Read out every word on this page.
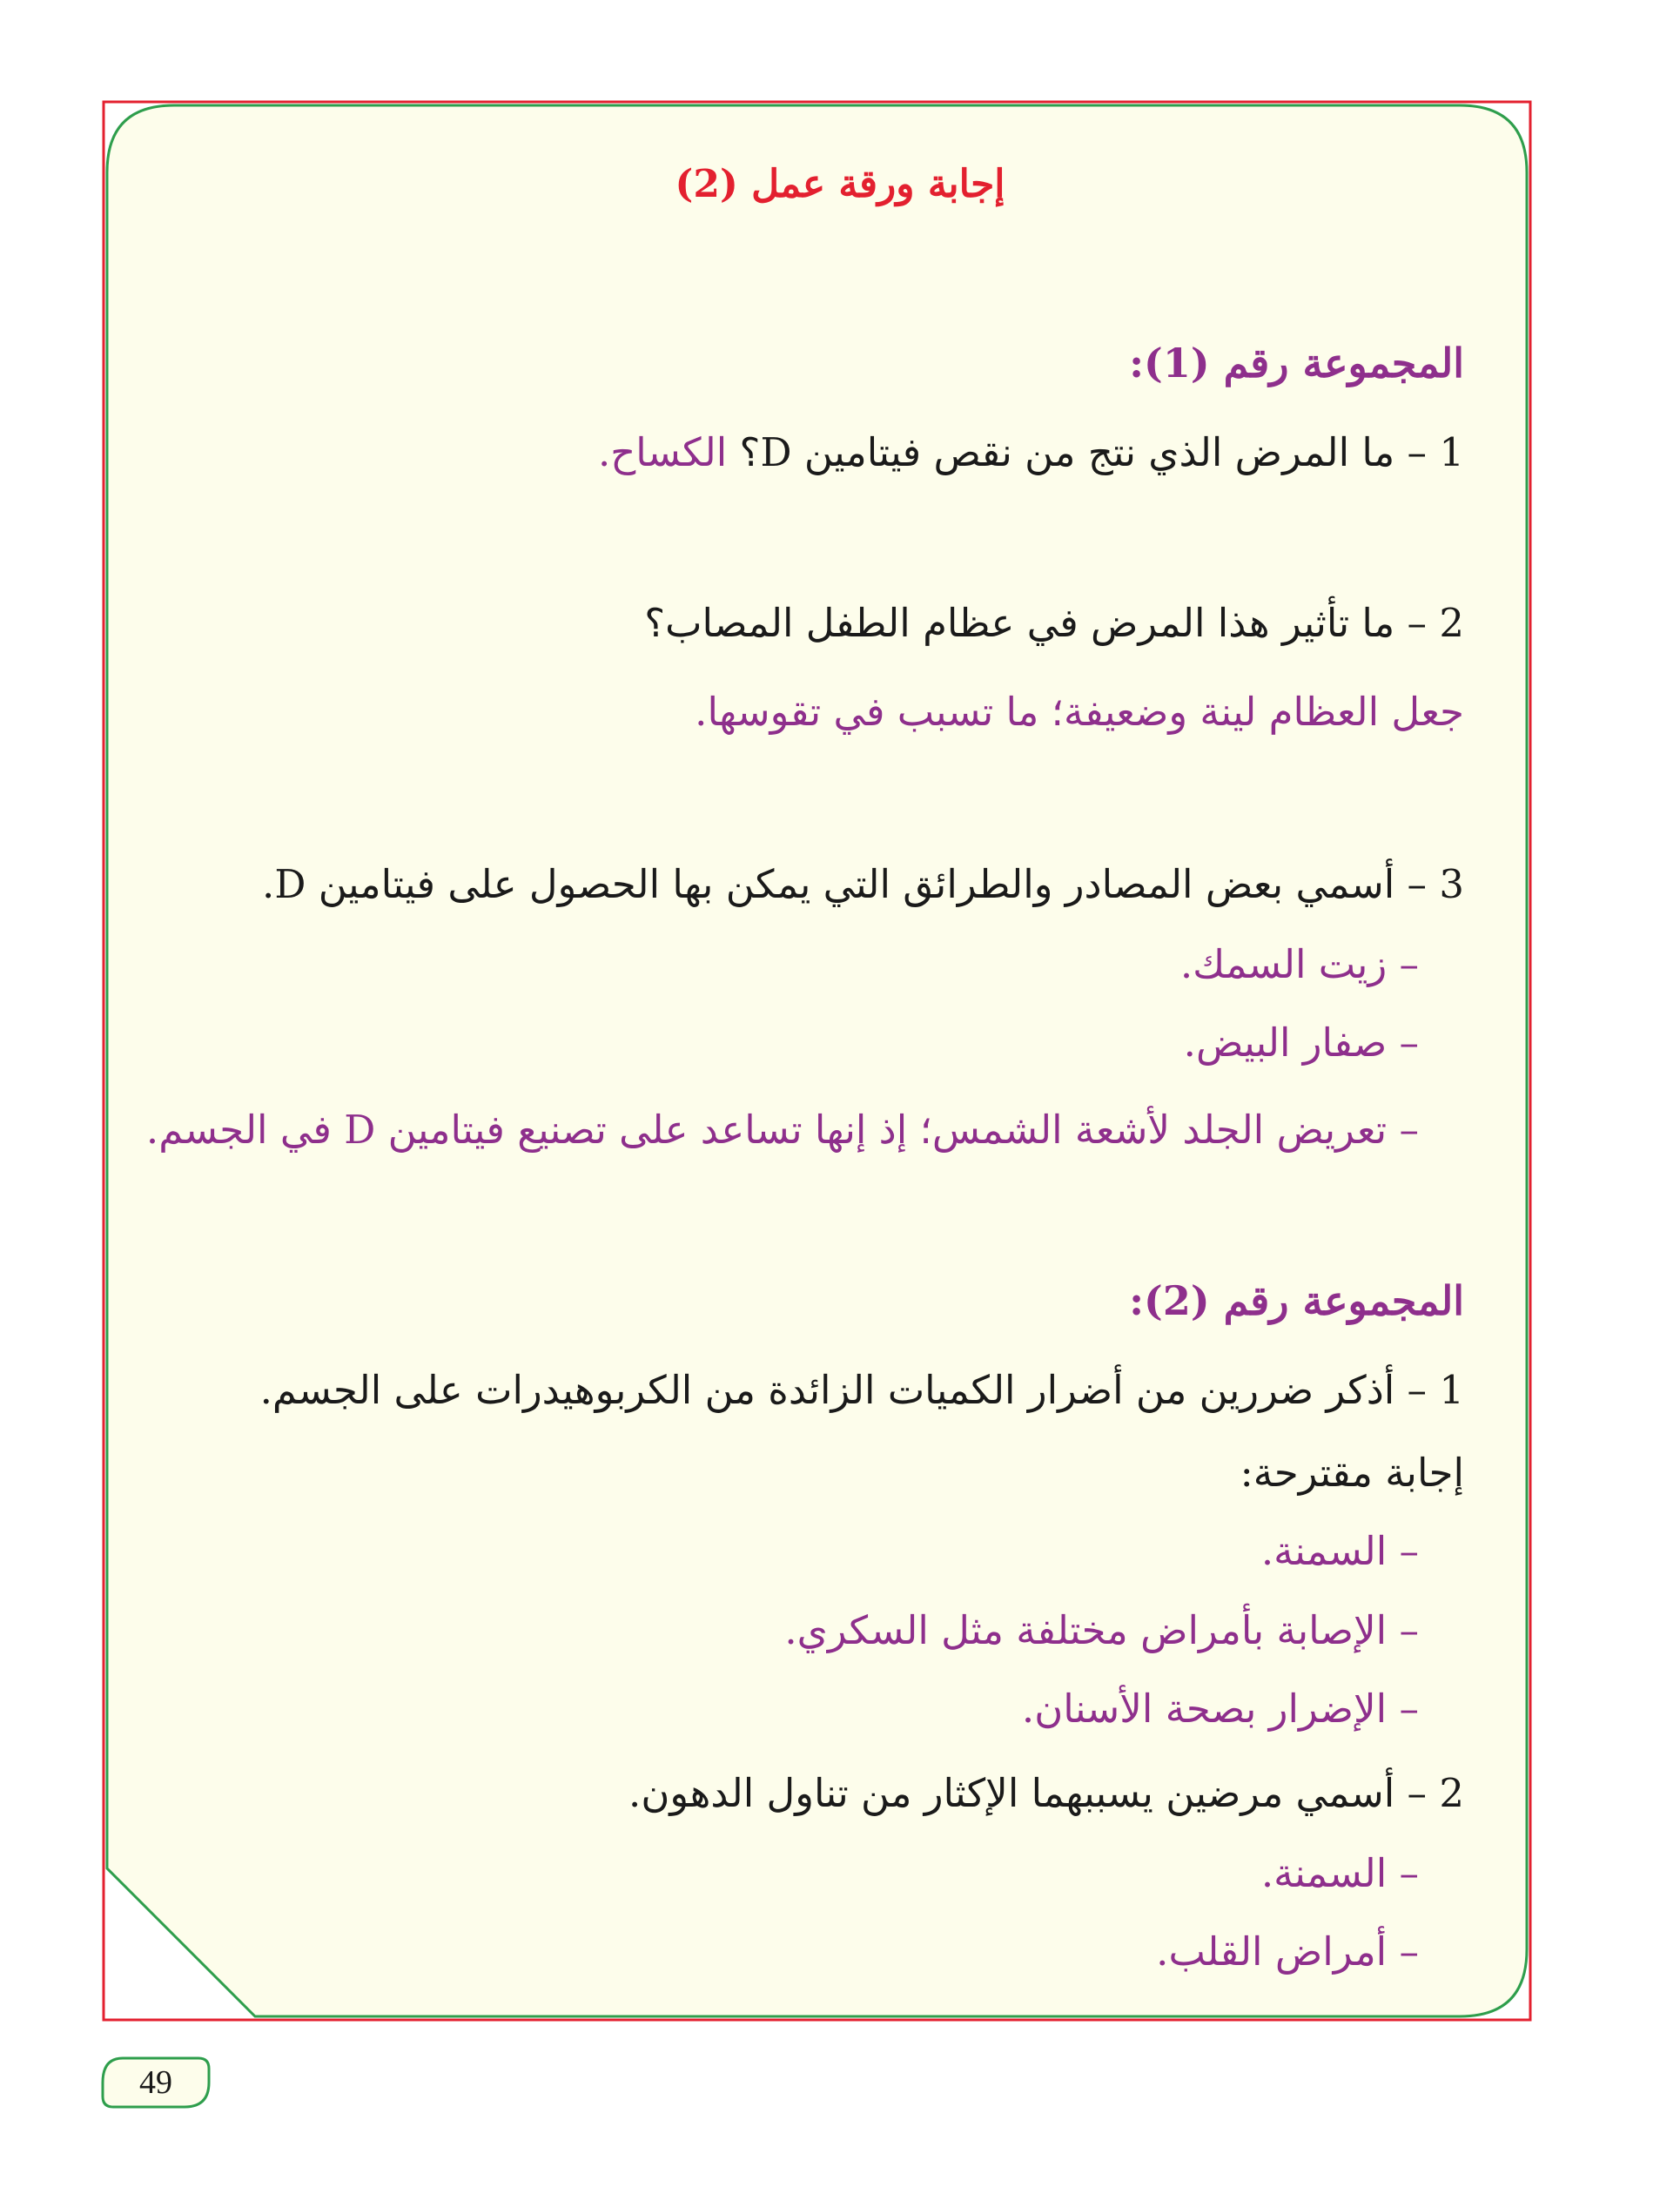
إجابة ورقة عمل (2)
المجموعة رقم (1):
1 – ما المرض الذي نتج من نقص فيتامين D؟ الكساح.
2 – ما تأثير هذا المرض في عظام الطفل المصاب؟
جعل العظام لينة وضعيفة؛ ما تسبب في تقوسها.
3 – أسمي بعض المصادر والطرائق التي يمكن بها الحصول على فيتامين D.
– زيت السمك.
– صفار البيض.
– تعريض الجلد لأشعة الشمس؛ إذ إنها تساعد على تصنيع فيتامين D في الجسم.
المجموعة رقم (2):
1 – أذكر ضررين من أضرار الكميات الزائدة من الكربوهيدرات على الجسم.
إجابة مقترحة:
– السمنة.
– الإصابة بأمراض مختلفة مثل السكري.
– الإضرار بصحة الأسنان.
2 – أسمي مرضين يسببهما الإكثار من تناول الدهون.
– السمنة.
– أمراض القلب.
49
